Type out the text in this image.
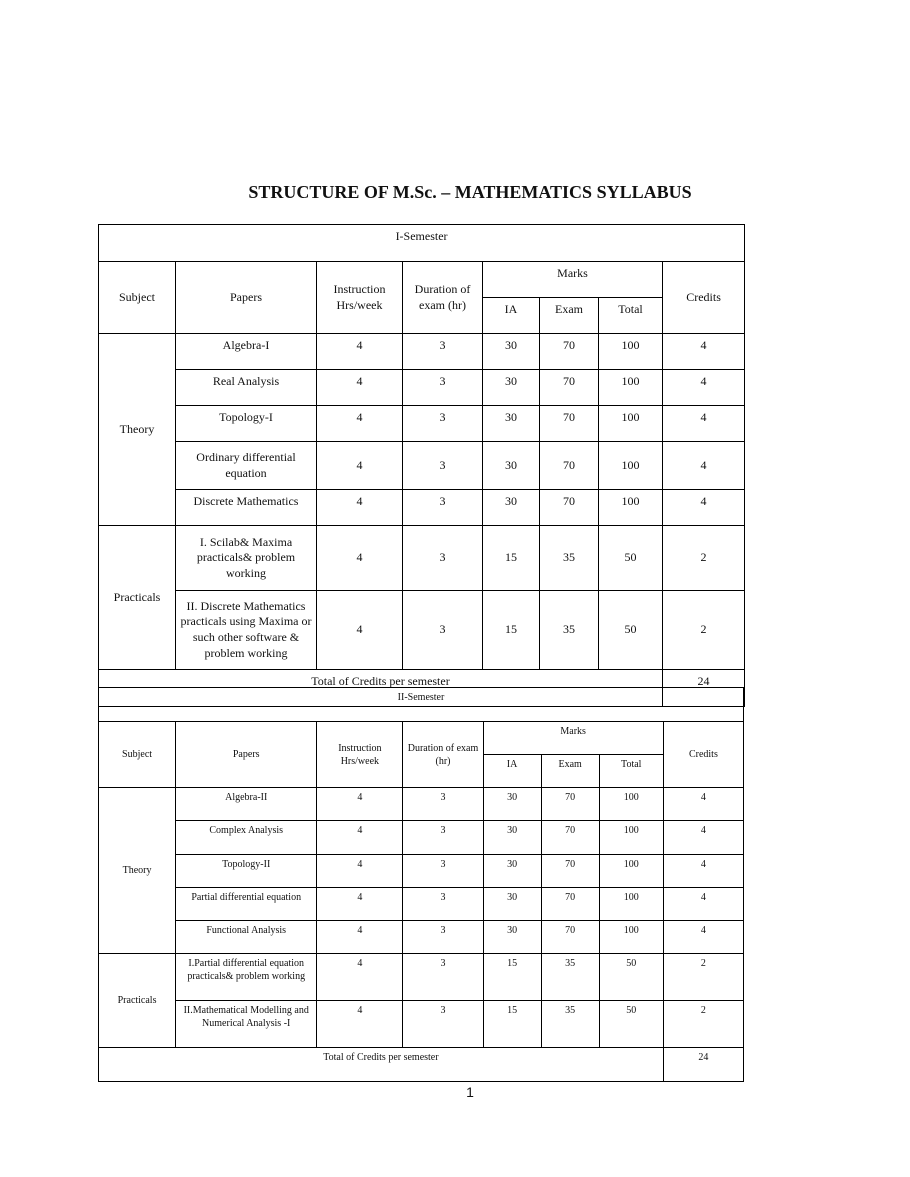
STRUCTURE OF M.Sc. – MATHEMATICS SYLLABUS
I-Semester							
Subject	Papers	Instruction Hrs/week	Duration of exam (hr)	Marks			Credits
				IA	Exam	Total	
Theory	Algebra-I	4	3	30	70	100	4
	Real Analysis	4	3	30	70	100	4
	Topology-I	4	3	30	70	100	4
	Ordinary differential equation	4	3	30	70	100	4
	Discrete Mathematics	4	3	30	70	100	4
Practicals	I. Scilab& Maxima practicals& problem working	4	3	15	35	50	2
	II. Discrete Mathematics practicals using Maxima or such other software & problem working	4	3	15	35	50	2
Total of Credits per semester							24
II-Semester							
Subject	Papers	Instruction Hrs/week	Duration of exam (hr)	Marks			Credits
				IA	Exam	Total	
Theory	Algebra-II	4	3	30	70	100	4
	Complex Analysis	4	3	30	70	100	4
	Topology-II	4	3	30	70	100	4
	Partial differential equation	4	3	30	70	100	4
	Functional Analysis	4	3	30	70	100	4
Practicals	I.Partial differential equation practicals& problem working	4	3	15	35	50	2
	II.Mathematical Modelling and Numerical Analysis -I	4	3	15	35	50	2
Total of Credits per semester							24
1
